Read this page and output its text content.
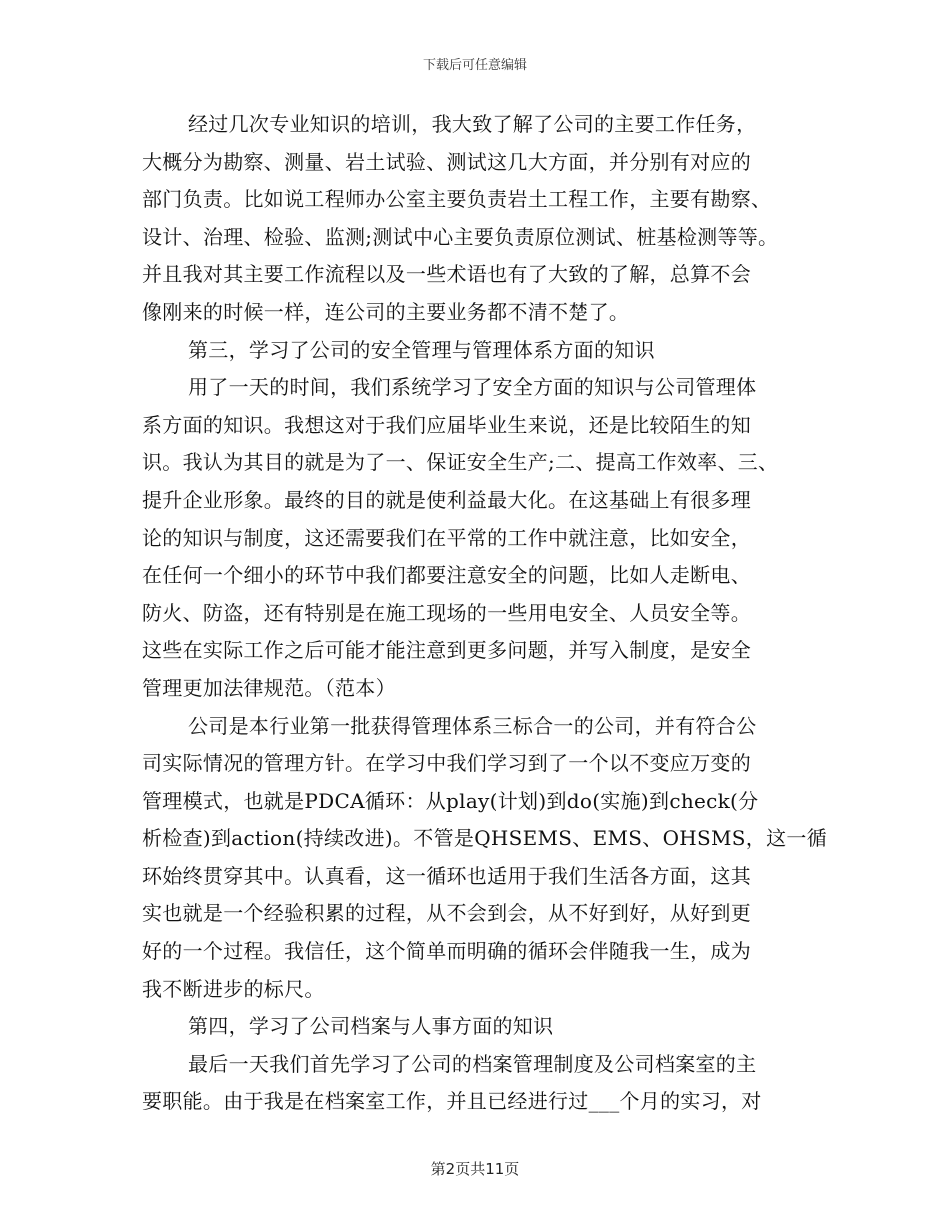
下载后可任意编辑
经过几次专业知识的培训，我大致了解了公司的主要工作任务，
大概分为勘察、测量、岩土试验、测试这几大方面，并分别有对应的
部门负责。比如说工程师办公室主要负责岩土工程工作，主要有勘察、
设计、治理、检验、监测;测试中心主要负责原位测试、桩基检测等等。
并且我对其主要工作流程以及一些术语也有了大致的了解，总算不会
像刚来的时候一样，连公司的主要业务都不清不楚了。
第三，学习了公司的安全管理与管理体系方面的知识
用了一天的时间，我们系统学习了安全方面的知识与公司管理体
系方面的知识。我想这对于我们应届毕业生来说，还是比较陌生的知
识。我认为其目的就是为了一、保证安全生产;二、提高工作效率、三、
提升企业形象。最终的目的就是使利益最大化。在这基础上有很多理
论的知识与制度，这还需要我们在平常的工作中就注意，比如安全，
在任何一个细小的环节中我们都要注意安全的问题，比如人走断电、
防火、防盗，还有特别是在施工现场的一些用电安全、人员安全等。
这些在实际工作之后可能才能注意到更多问题，并写入制度，是安全
管理更加法律规范。（范本）
公司是本行业第一批获得管理体系三标合一的公司，并有符合公
司实际情况的管理方针。在学习中我们学习到了一个以不变应万变的
管理模式，也就是PDCA循环：从play(计划)到do(实施)到check(分
析检查)到action(持续改进)。不管是QHSEMS、EMS、OHSMS，这一循
环始终贯穿其中。认真看，这一循环也适用于我们生活各方面，这其
实也就是一个经验积累的过程，从不会到会，从不好到好，从好到更
好的一个过程。我信任，这个简单而明确的循环会伴随我一生，成为
我不断进步的标尺。
第四，学习了公司档案与人事方面的知识
最后一天我们首先学习了公司的档案管理制度及公司档案室的主
要职能。由于我是在档案室工作，并且已经进行过___个月的实习，对
第2页共11页
